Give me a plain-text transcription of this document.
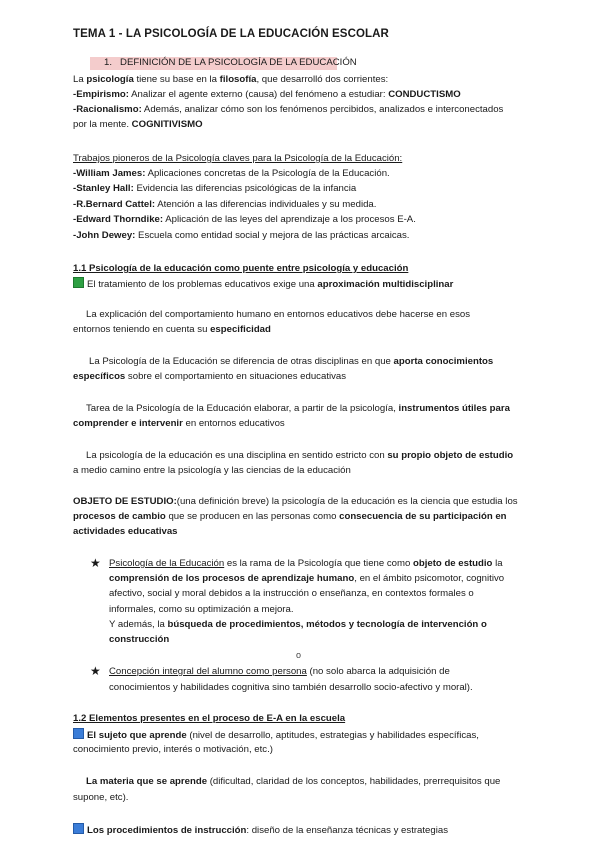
TEMA 1 - LA PSICOLOGÍA DE LA EDUCACIÓN ESCOLAR
1. DEFINICIÓN DE LA PSICOLOGÍA DE LA EDUCACIÓN
La psicología tiene su base en la filosofía, que desarrolló dos corrientes:
-Empirismo: Analizar el agente externo (causa) del fenómeno a estudiar: CONDUCTISMO
-Racionalismo: Además, analizar cómo son los fenómenos percibidos, analizados e interconectados
por la mente. COGNITIVISMO
Trabajos pioneros de la Psicología claves para la Psicología de la Educación:
-William James: Aplicaciones concretas de la Psicología de la Educación.
-Stanley Hall: Evidencia las diferencias psicológicas de la infancia
-R.Bernard Cattel: Atención a las diferencias individuales y su medida.
-Edward Thorndike: Aplicación de las leyes del aprendizaje a los procesos E-A.
-John Dewey: Escuela como entidad social y mejora de las prácticas arcaicas.
1.1 Psicología de la educación como puente entre psicología y educación
El tratamiento de los problemas educativos exige una aproximación multidisciplinar
La explicación del comportamiento humano en entornos educativos debe hacerse en esos
entornos teniendo en cuenta su especificidad
La Psicología de la Educación se diferencia de otras disciplinas en que aporta conocimientos
específicos sobre el comportamiento en situaciones educativas
Tarea de la Psicología de la Educación elaborar, a partir de la psicología, instrumentos útiles para
comprender e intervenir en entornos educativos
La psicología de la educación es una disciplina en sentido estricto con su propio objeto de estudio
a medio camino entre la psicología y las ciencias de la educación
OBJETO DE ESTUDIO:(una definición breve) la psicología de la educación es la ciencia que estudia los
procesos de cambio que se producen en las personas como consecuencia de su participación en
actividades educativas
★ Psicología de la Educación es la rama de la Psicología que tiene como objeto de estudio la
comprensión de los procesos de aprendizaje humano, en el ámbito psicomotor, cognitivo
afectivo, social y moral debidos a la instrucción o enseñanza, en contextos formales o
informales, como su optimización a mejora.
Y además, la búsqueda de procedimientos, métodos y tecnología de intervención o
construcción
o
★ Concepción integral del alumno como persona (no solo abarca la adquisición de
conocimientos y habilidades cognitiva sino también desarrollo socio-afectivo y moral).
1.2 Elementos presentes en el proceso de E-A en la escuela
El sujeto que aprende (nivel de desarrollo, aptitudes, estrategias y habilidades específicas,
conocimiento previo, interés o motivación, etc.)
La materia que se aprende (dificultad, claridad de los conceptos, habilidades, prerrequisitos que
supone, etc).
Los procedimientos de instrucción: diseño de la enseñanza técnicas y estrategias
